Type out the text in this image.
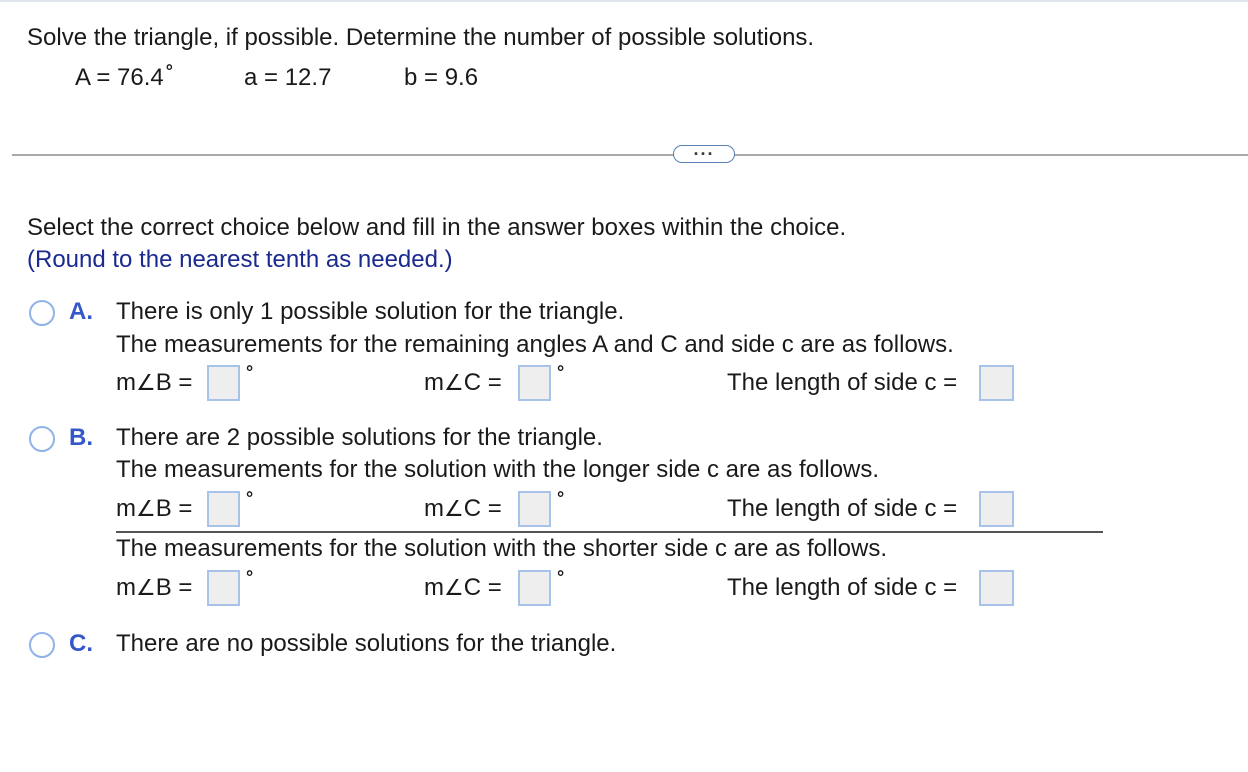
Solve the triangle, if possible. Determine the number of possible solutions.
A = 76.4 °	a = 12.7	b = 9.6
...
Select the correct choice below and fill in the answer boxes within the choice.
(Round to the nearest tenth as needed.)
A. There is only 1 possible solution for the triangle.
The measurements for the remaining angles A and C and side c are as follows.
m∠B =	°	m∠C =	°	The length of side c =
B. There are 2 possible solutions for the triangle.
The measurements for the solution with the longer side c are as follows.
m∠B =	°	m∠C =	°	The length of side c =
The measurements for the solution with the shorter side c are as follows.
m∠B =	°	m∠C =	°	The length of side c =
C. There are no possible solutions for the triangle.
